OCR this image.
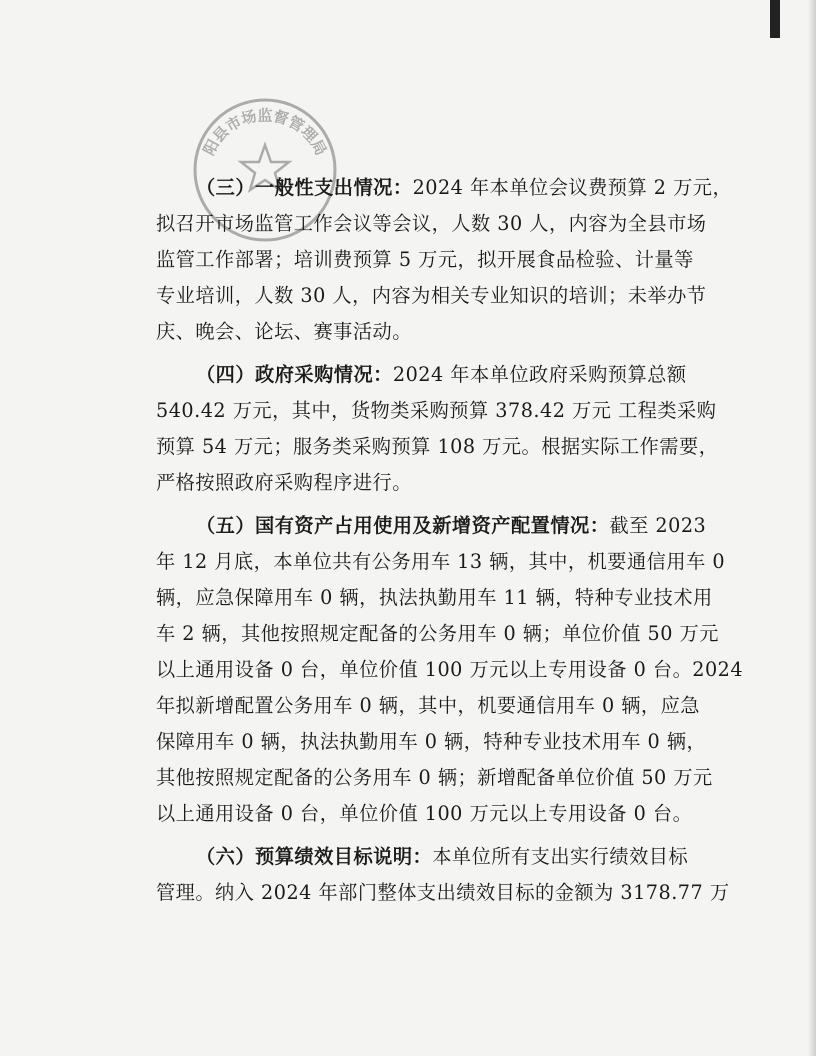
阳县市场监督管理局
（三）一般性支出情况：2024 年本单位会议费预算 2 万元，
拟召开市场监管工作会议等会议，人数 30 人，内容为全县市场
监管工作部署；培训费预算 5 万元，拟开展食品检验、计量等
专业培训，人数 30 人，内容为相关专业知识的培训；未举办节
庆、晚会、论坛、赛事活动。
（四）政府采购情况：2024 年本单位政府采购预算总额
540.42 万元，其中，货物类采购预算 378.42 万元 工程类采购
预算 54 万元；服务类采购预算 108 万元。根据实际工作需要，
严格按照政府采购程序进行。
（五）国有资产占用使用及新增资产配置情况：截至 2023
年 12 月底，本单位共有公务用车 13 辆，其中，机要通信用车 0
辆，应急保障用车 0 辆，执法执勤用车 11 辆，特种专业技术用
车 2 辆，其他按照规定配备的公务用车 0 辆；单位价值 50 万元
以上通用设备 0 台，单位价值 100 万元以上专用设备 0 台。2024
年拟新增配置公务用车 0 辆，其中，机要通信用车 0 辆，应急
保障用车 0 辆，执法执勤用车 0 辆，特种专业技术用车 0 辆，
其他按照规定配备的公务用车 0 辆；新增配备单位价值 50 万元
以上通用设备 0 台，单位价值 100 万元以上专用设备 0 台。
（六）预算绩效目标说明：本单位所有支出实行绩效目标
管理。纳入 2024 年部门整体支出绩效目标的金额为 3178.77 万
